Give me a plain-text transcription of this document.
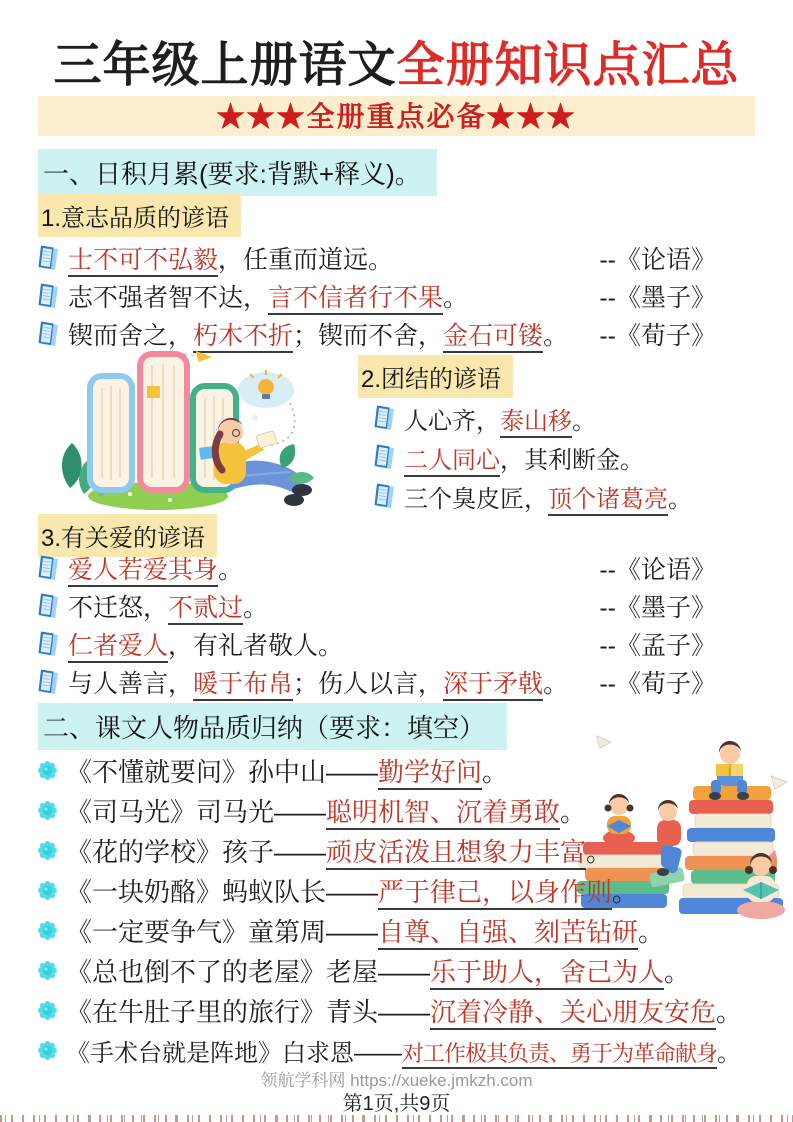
三年级上册语文全册知识点汇总
★★★全册重点必备★★★
一、日积月累(要求:背默+释义)。
1.意志品质的谚语
士不可不弘毅，任重而道远。	--《论语》
志不强者智不达，言不信者行不果。	--《墨子》
锲而舍之，朽木不折；锲而不舍，金石可镂。 --《荀子》
2.团结的谚语
人心齐，泰山移。
二人同心，其利断金。
三个臭皮匠，顶个诸葛亮。
3.有关爱的谚语
爱人若爱其身。	--《论语》
不迁怒，不贰过。	--《墨子》
仁者爱人，有礼者敬人。	--《孟子》
与人善言，暖于布帛；伤人以言，深于矛戟。 --《荀子》
二、课文人物品质归纳（要求：填空）
《不懂就要问》孙中山——勤学好问。
《司马光》司马光——聪明机智、沉着勇敢。
《花的学校》孩子——顽皮活泼且想象力丰富。
《一块奶酪》蚂蚁队长——严于律己，以身作则。
《一定要争气》童第周——自尊、自强、刻苦钻研。
《总也倒不了的老屋》老屋——乐于助人，舍己为人。
《在牛肚子里的旅行》青头——沉着冷静、关心朋友安危。
《手术台就是阵地》白求恩——对工作极其负责、勇于为革命献身。
领航学科网 https://xueke.jmkzh.com
第1页,共9页
